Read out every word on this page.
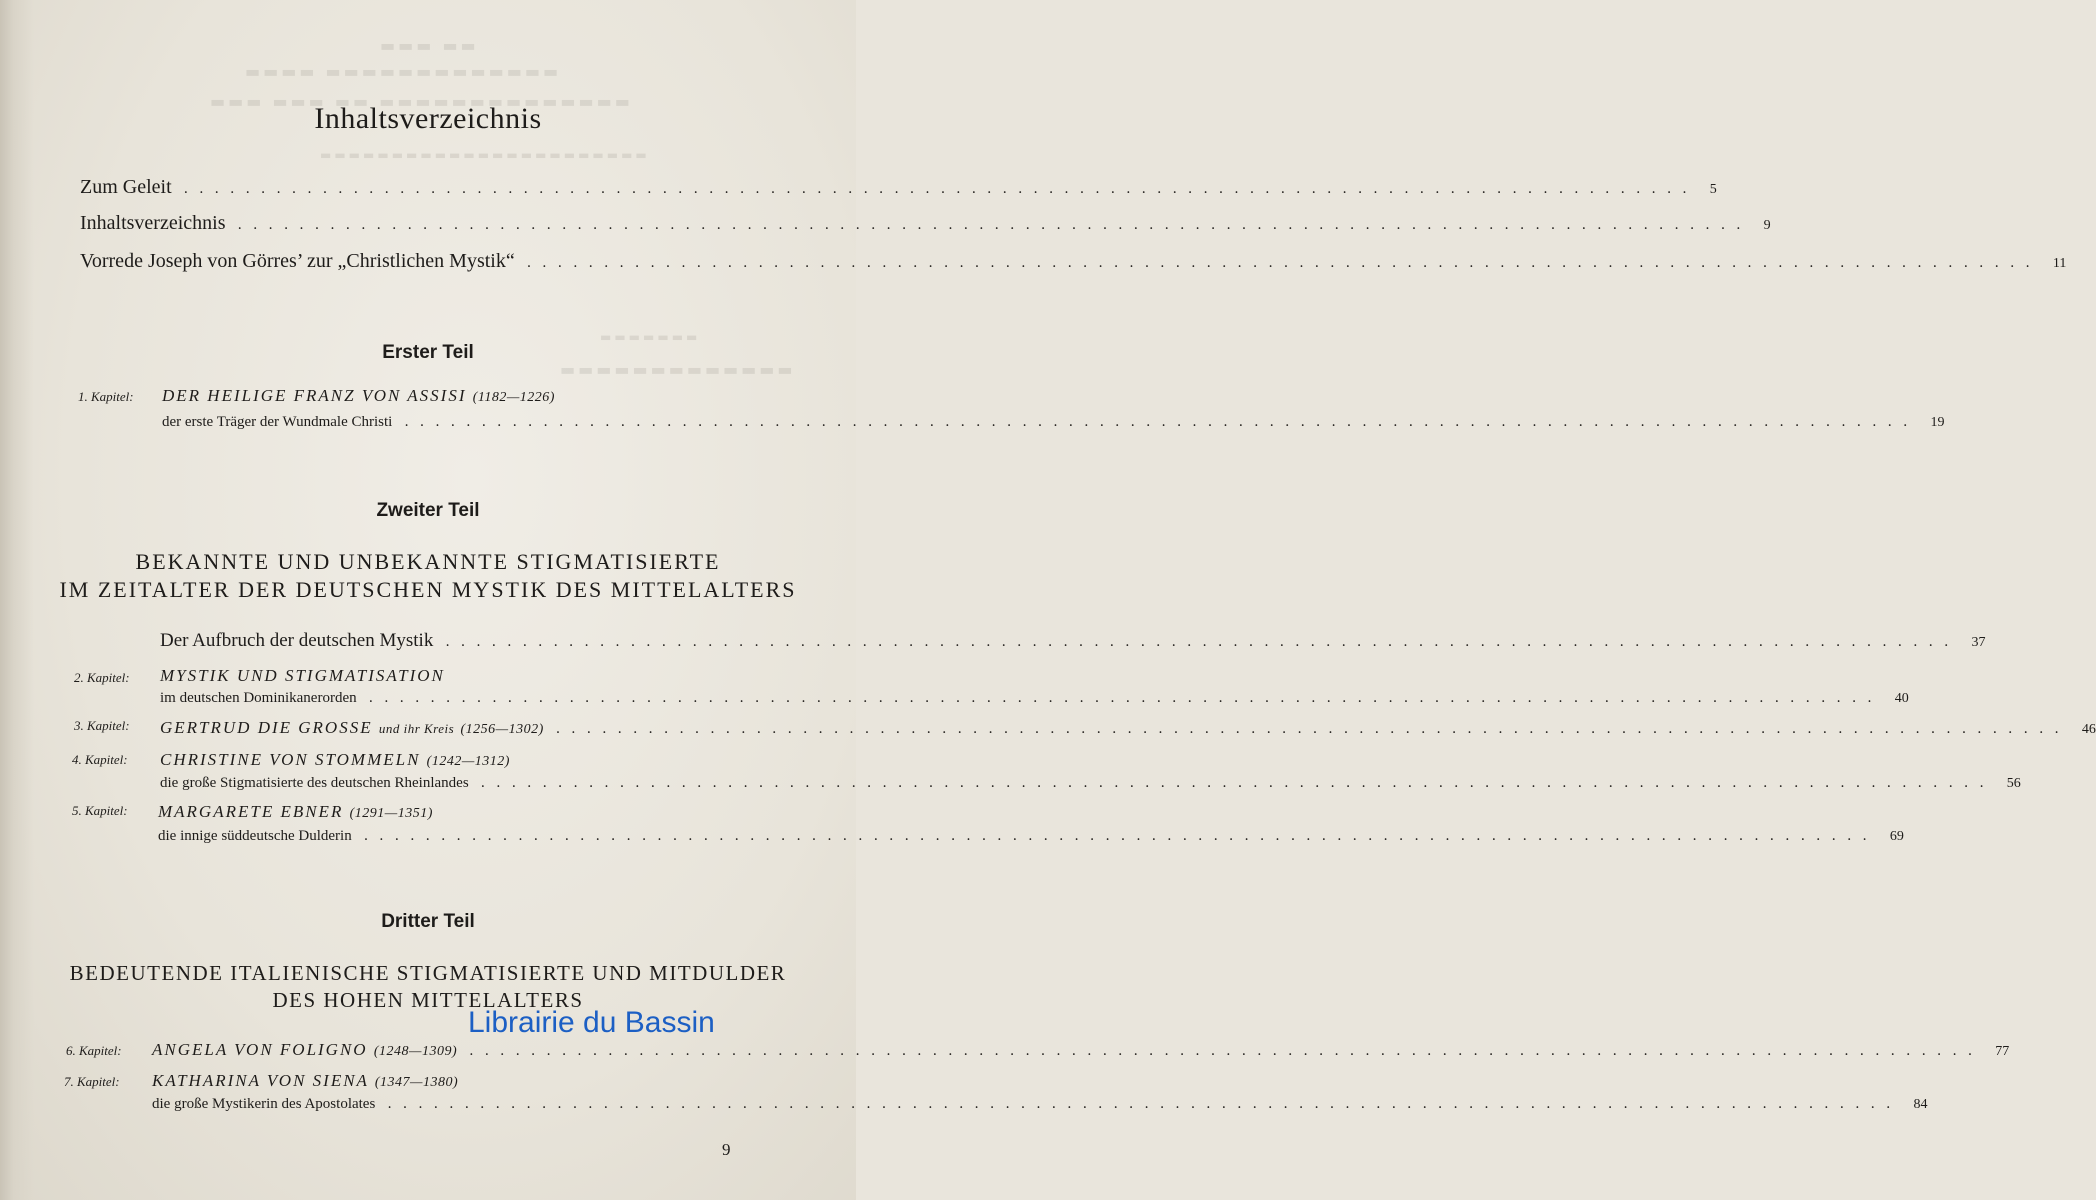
▬▬▬ ▬▬
▬▬▬▬ ▬▬▬▬▬▬▬▬▬▬▬▬▬
▬▬▬ ▬▬▬ ▬▬ ▬▬▬▬▬▬▬▬▬▬▬▬▬▬
▬▬▬▬▬▬▬▬▬▬▬▬▬▬▬▬▬▬▬▬▬▬▬
▬▬▬▬▬▬▬
▬▬▬▬▬▬▬▬▬▬▬▬▬
Inhaltsverzeichnis
Zum Geleit .................................................................................................. 5
Inhaltsverzeichnis .................................................................................................. 9
Vorrede Joseph von Görres’ zur „Christlichen Mystik“ .................................................................................................. 11
Erster Teil
1. Kapitel: DER HEILIGE FRANZ VON ASSISI (1182—1226)
der erste Träger der Wundmale Christi .................................................................................................. 19
Zweiter Teil
BEKANNTE UND UNBEKANNTE STIGMATISIERTE
IM ZEITALTER DER DEUTSCHEN MYSTIK DES MITTELALTERS
Der Aufbruch der deutschen Mystik .................................................................................................. 37
2. Kapitel: MYSTIK UND STIGMATISATION
im deutschen Dominikanerorden .................................................................................................. 40
3. Kapitel: GERTRUD DIE GROSSE und ihr Kreis (1256—1302) .................................................................................................. 46
4. Kapitel: CHRISTINE VON STOMMELN (1242—1312)
die große Stigmatisierte des deutschen Rheinlandes .................................................................................................. 56
5. Kapitel: MARGARETE EBNER (1291—1351)
die innige süddeutsche Dulderin .................................................................................................. 69
Dritter Teil
BEDEUTENDE ITALIENISCHE STIGMATISIERTE UND MITDULDER
DES HOHEN MITTELALTERS
6. Kapitel: ANGELA VON FOLIGNO (1248—1309) .................................................................................................. 77
7. Kapitel: KATHARINA VON SIENA (1347—1380)
die große Mystikerin des Apostolates .................................................................................................. 84
9
Librairie du Bassin
